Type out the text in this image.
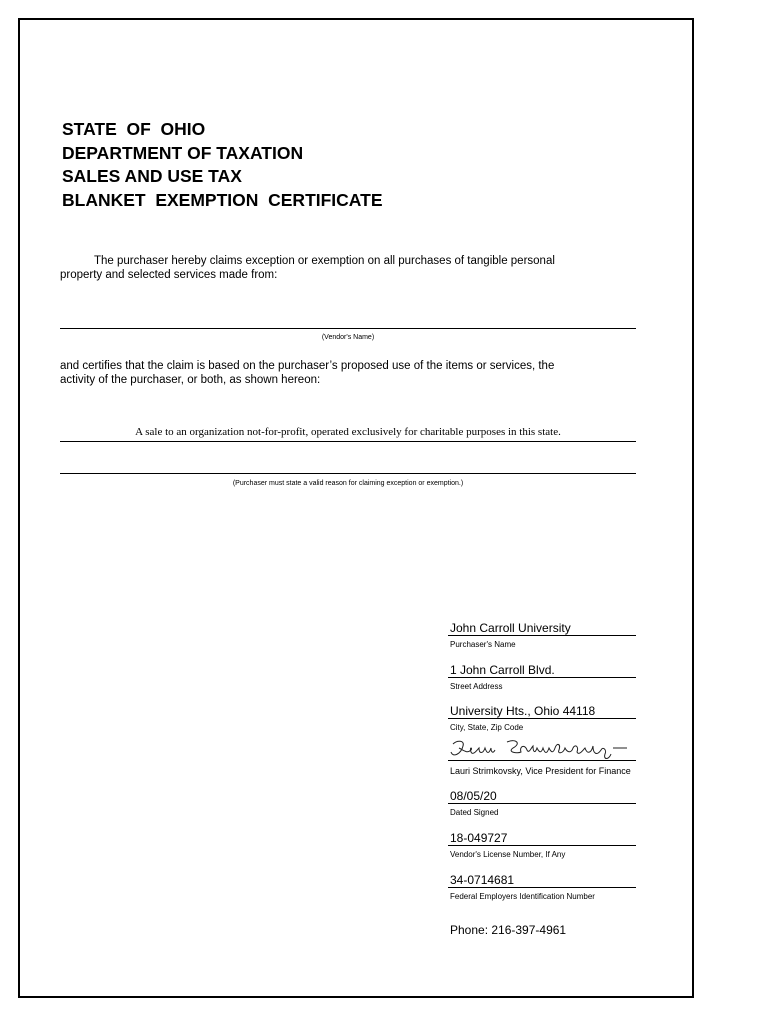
STATE  OF  OHIO
DEPARTMENT OF TAXATION
SALES AND USE TAX
BLANKET  EXEMPTION  CERTIFICATE
The purchaser hereby claims exception or exemption on all purchases of tangible personal
property and selected services made from:
(Vendor's Name)
and certifies that the claim is based on the purchaser’s proposed use of the items or services, the
activity of the purchaser, or both, as shown hereon:
A sale to an organization not-for-profit, operated exclusively for charitable purposes in this state.
(Purchaser must state a valid reason for claiming exception or exemption.)
John Carroll University
Purchaser's Name
1 John Carroll Blvd.
Street Address
University Hts., Ohio 44118
City, State, Zip Code
Lauri Strimkovsky, Vice President for Finance
08/05/20
Dated Signed
18-049727
Vendor's License Number, If Any
34-0714681
Federal Employers Identification Number
Phone: 216-397-4961
